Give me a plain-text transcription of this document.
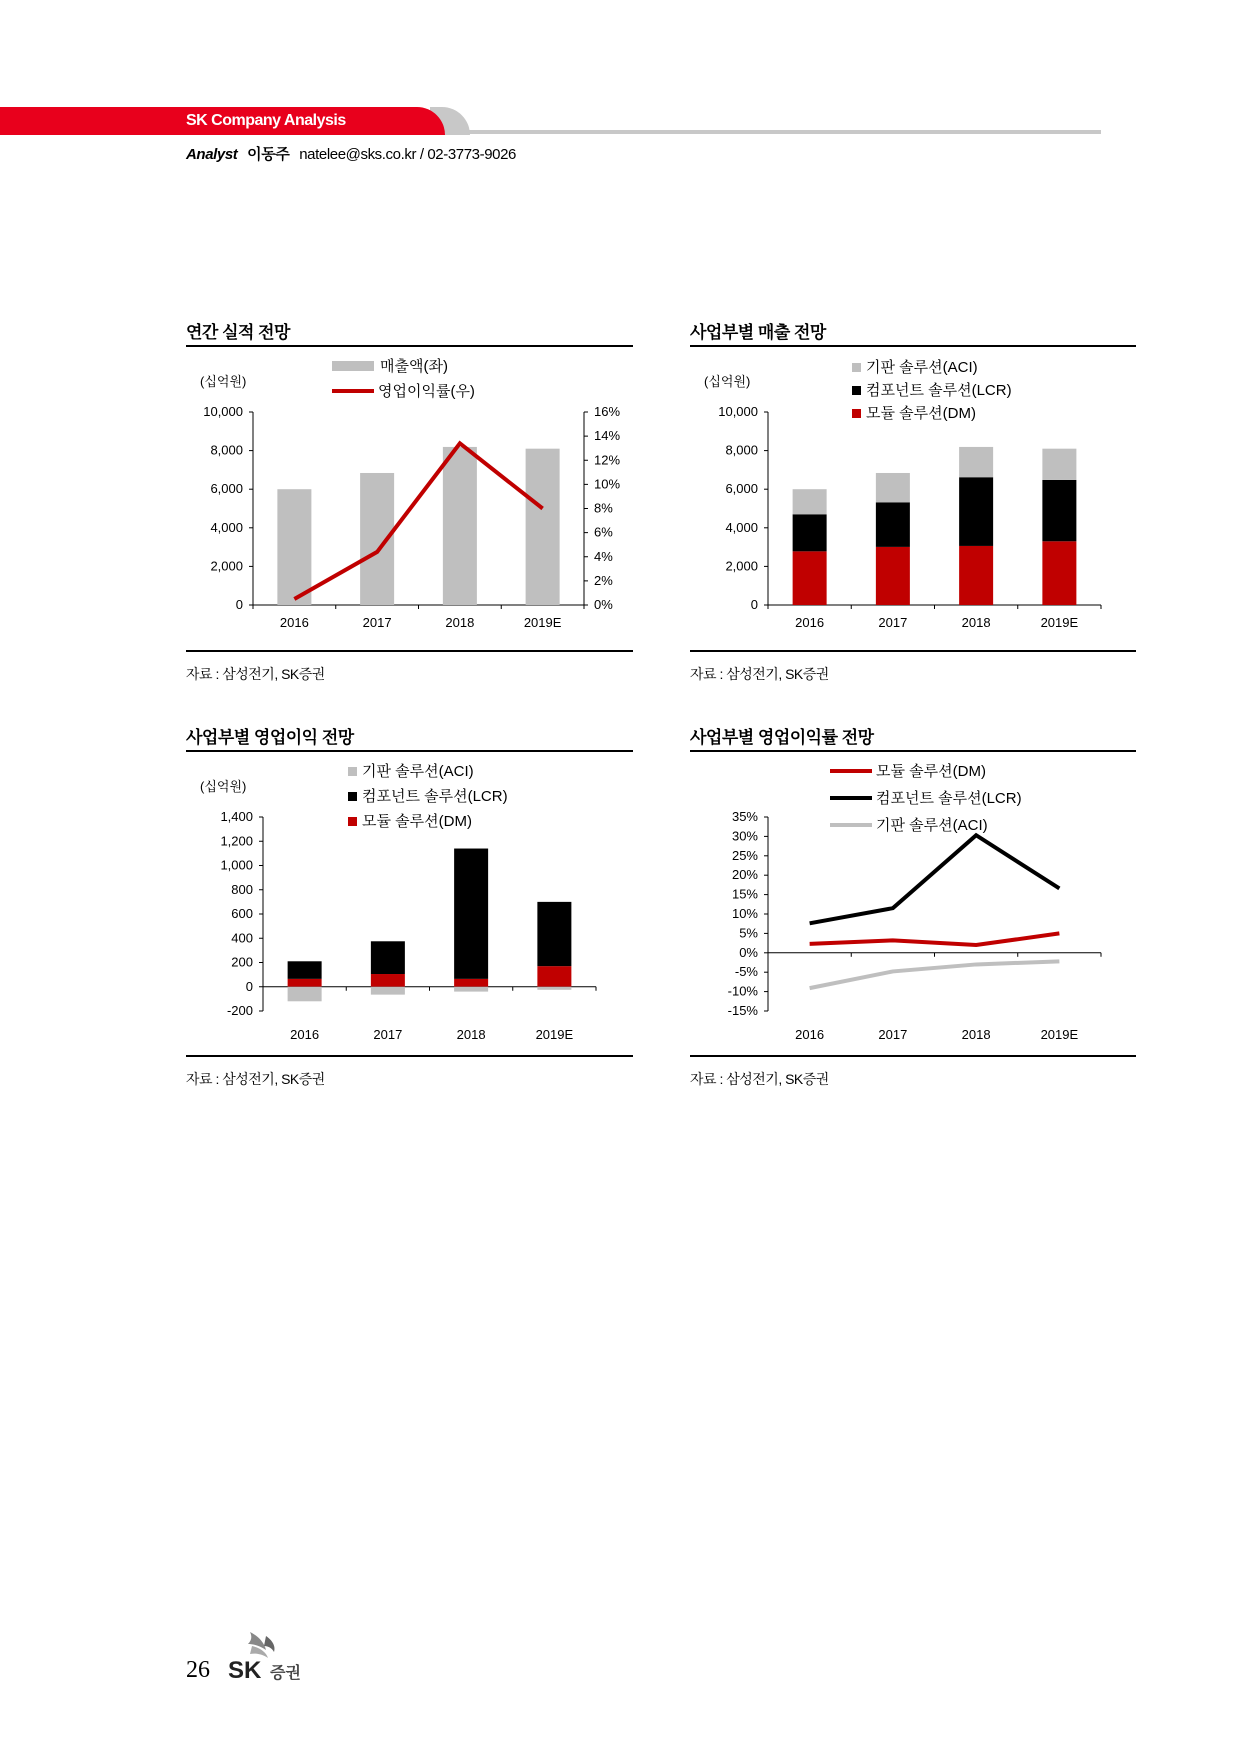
SK Company Analysis
Analyst 이동주 natelee@sks.co.kr / 02-3773-9026
연간 실적 전망
(십억원)
0
2,000
4,000
6,000
8,000
10,000
0%
2%
4%
6%
8%
10%
12%
14%
16%
2016	2017	2018	2019E
매출액(좌)
영업이익률(우)
자료 : 삼성전기, SK증권
사업부별 매출 전망
(십억원)
0
2,000
4,000
6,000
8,000
10,000
2016	2017	2018	2019E
기판 솔루션(ACI)
컴포넌트 솔루션(LCR)
모듈 솔루션(DM)
자료 : 삼성전기, SK증권
사업부별 영업이익 전망
(십억원)
-200
0
200
400
600
800
1,000
1,200
1,400
2016	2017	2018	2019E
기판 솔루션(ACI)
컴포넌트 솔루션(LCR)
모듈 솔루션(DM)
자료 : 삼성전기, SK증권
사업부별 영업이익률 전망
-15%
-10%
-5%
0%
5%
10%
15%
20%
25%
30%
35%
2016	2017	2018	2019E
모듈 솔루션(DM)
컴포넌트 솔루션(LCR)
기판 솔루션(ACI)
자료 : 삼성전기, SK증권
26 SK 증권
